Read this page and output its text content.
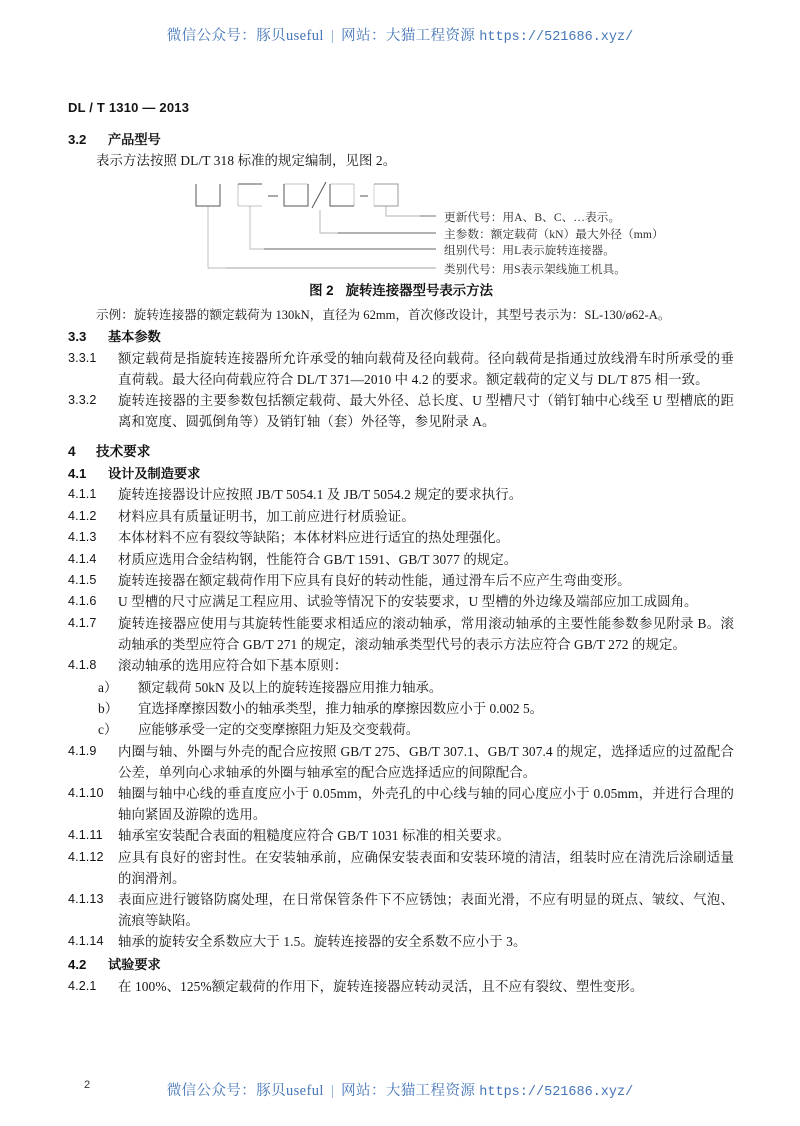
微信公众号：豚贝useful | 网站：大猫工程资源 https://521686.xyz/
DL / T 1310 — 2013
3.2	产品型号

表示方法按照 DL/T 318 标准的规定编制，见图 2。

更新代号：用A、B、C、…表示。
主参数：额定载荷（kN）最大外径（mm）
组别代号：用L表示旋转连接器。
类别代号：用S表示架线施工机具。
图 2 旋转连接器型号表示方法
示例：旋转连接器的额定载荷为 130kN，直径为 62mm，首次修改设计，其型号表示为：SL-130/ø62-A。
3.3	基本参数
3.3.1	额定载荷是指旋转连接器所允许承受的轴向载荷及径向载荷。径向载荷是指通过放线滑车时所承受的垂直荷载。最大径向荷载应符合 DL/T 371—2010 中 4.2 的要求。额定载荷的定义与 DL/T 875 相一致。
3.3.2	旋转连接器的主要参数包括额定载荷、最大外径、总长度、U 型槽尺寸（销钉轴中心线至 U 型槽底的距离和宽度、圆弧倒角等）及销钉轴（套）外径等，参见附录 A。
4	技术要求
4.1	设计及制造要求
4.1.1	旋转连接器设计应按照 JB/T 5054.1 及 JB/T 5054.2 规定的要求执行。
4.1.2	材料应具有质量证明书，加工前应进行材质验证。
4.1.3	本体材料不应有裂纹等缺陷；本体材料应进行适宜的热处理强化。
4.1.4	材质应选用合金结构钢，性能符合 GB/T 1591、GB/T 3077 的规定。
4.1.5	旋转连接器在额定载荷作用下应具有良好的转动性能，通过滑车后不应产生弯曲变形。
4.1.6	U 型槽的尺寸应满足工程应用、试验等情况下的安装要求，U 型槽的外边缘及端部应加工成圆角。
4.1.7	旋转连接器应使用与其旋转性能要求相适应的滚动轴承，常用滚动轴承的主要性能参数参见附录 B。滚动轴承的类型应符合 GB/T 271 的规定，滚动轴承类型代号的表示方法应符合 GB/T 272 的规定。
4.1.8	滚动轴承的选用应符合如下基本原则：
a）	额定载荷 50kN 及以上的旋转连接器应用推力轴承。
b）	宜选择摩擦因数小的轴承类型，推力轴承的摩擦因数应小于 0.002 5。
c）	应能够承受一定的交变摩擦阻力矩及交变载荷。
4.1.9	内圈与轴、外圈与外壳的配合应按照 GB/T 275、GB/T 307.1、GB/T 307.4 的规定，选择适应的过盈配合公差，单列向心求轴承的外圈与轴承室的配合应选择适应的间隙配合。
4.1.10	轴圈与轴中心线的垂直度应小于 0.05mm，外壳孔的中心线与轴的同心度应小于 0.05mm，并进行合理的轴向紧固及游隙的选用。
4.1.11	轴承室安装配合表面的粗糙度应符合 GB/T 1031 标准的相关要求。
4.1.12	应具有良好的密封性。在安装轴承前，应确保安装表面和安装环境的清洁，组装时应在清洗后涂刷适量的润滑剂。
4.1.13	表面应进行镀铬防腐处理，在日常保管条件下不应锈蚀；表面光滑，不应有明显的斑点、皱纹、气泡、流痕等缺陷。
4.1.14	轴承的旋转安全系数应大于 1.5。旋转连接器的安全系数不应小于 3。
4.2	试验要求
4.2.1	在 100%、125%额定载荷的作用下，旋转连接器应转动灵活，且不应有裂纹、塑性变形。
2	微信公众号：豚贝useful | 网站：大猫工程资源 https://521686.xyz/
